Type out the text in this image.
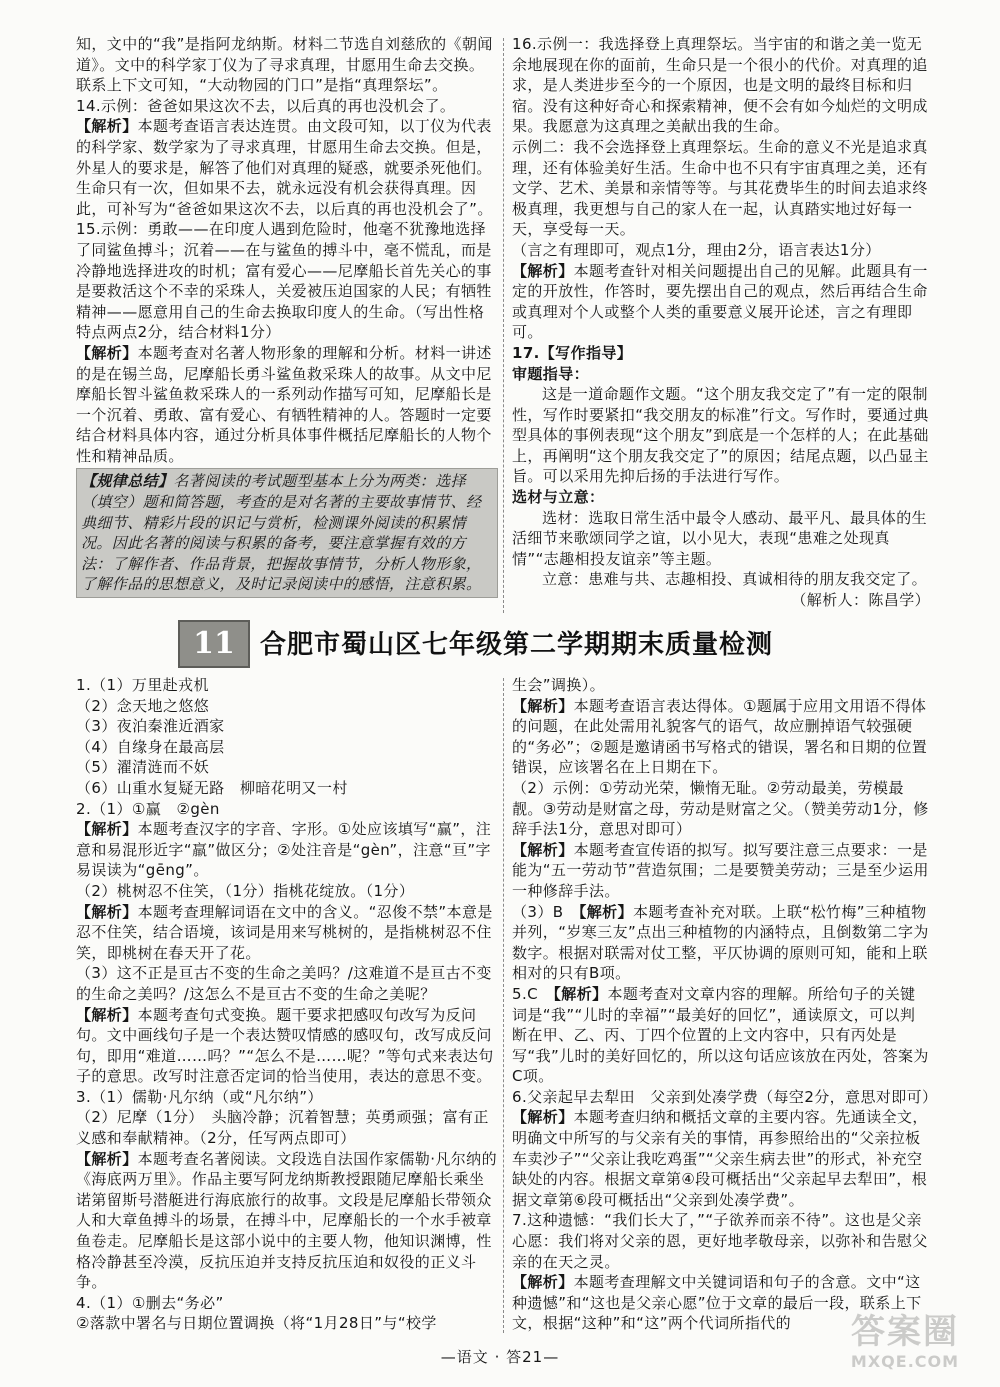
知，文中的“我”是指阿龙纳斯。材料二节选自刘慈欣的《朝闻道》。文中的科学家丁仪为了寻求真理，甘愿用生命去交换。联系上下文可知，“大动物园的门口”是指“真理祭坛”。

14.示例：爸爸如果这次不去，以后真的再也没机会了。

【解析】本题考查语言表达连贯。由文段可知，以丁仪为代表的科学家、数学家为了寻求真理，甘愿用生命去交换。但是，外星人的要求是，解答了他们对真理的疑惑，就要杀死他们。生命只有一次，但如果不去，就永远没有机会获得真理。因此，可补写为“爸爸如果这次不去，以后真的再也没机会了”。

15.示例：勇敢——在印度人遇到危险时，他毫不犹豫地选择了同鲨鱼搏斗；沉着——在与鲨鱼的搏斗中，毫不慌乱，而是冷静地选择进攻的时机；富有爱心——尼摩船长首先关心的事是要救活这个不幸的采珠人，关爱被压迫国家的人民；有牺牲精神——愿意用自己的生命去换取印度人的生命。（写出性格特点两点2分，结合材料1分）

【解析】本题考查对名著人物形象的理解和分析。材料一讲述的是在锡兰岛，尼摩船长勇斗鲨鱼救采珠人的故事。从文中尼摩船长智斗鲨鱼救采珠人的一系列动作描写可知，尼摩船长是一个沉着、勇敢、富有爱心、有牺牲精神的人。答题时一定要结合材料具体内容，通过分析具体事件概括尼摩船长的人物个性和精神品质。

【规律总结】名著阅读的考试题型基本上分为两类：选择（填空）题和简答题，考查的是对名著的主要故事情节、经典细节、精彩片段的识记与赏析，检测课外阅读的积累情况。因此名著的阅读与积累的备考，要注意掌握有效的方法：了解作者、作品背景，把握故事情节，分析人物形象，了解作品的思想意义，及时记录阅读中的感悟，注意积累。

16.示例一：我选择登上真理祭坛。当宇宙的和谐之美一览无余地展现在你的面前，生命只是一个很小的代价。对真理的追求，是人类进步至今的一个原因，也是文明的最终目标和归宿。没有这种好奇心和探索精神，便不会有如今灿烂的文明成果。我愿意为这真理之美献出我的生命。

示例二：我不会选择登上真理祭坛。生命的意义不光是追求真理，还有体验美好生活。生命中也不只有宇宙真理之美，还有文学、艺术、美景和亲情等等。与其花费毕生的时间去追求终极真理，我更想与自己的家人在一起，认真踏实地过好每一天，享受每一天。

（言之有理即可，观点1分，理由2分，语言表达1分）

【解析】本题考查针对相关问题提出自己的见解。此题具有一定的开放性，作答时，要先摆出自己的观点，然后再结合生命或真理对个人或整个人类的重要意义展开论述，言之有理即可。

17.【写作指导】

审题指导：

这是一道命题作文题。“这个朋友我交定了”有一定的限制性，写作时要紧扣“我交朋友的标准”行文。写作时，要通过典型具体的事例表现“这个朋友”到底是一个怎样的人；在此基础上，再阐明“这个朋友我交定了”的原因；结尾点题，以凸显主旨。可以采用先抑后扬的手法进行写作。

选材与立意：

选材：选取日常生活中最令人感动、最平凡、最具体的生活细节来歌颂同学之谊，以小见大，表现“患难之处现真情”“志趣相投友谊亲”等主题。

立意：患难与共、志趣相投、真诚相待的朋友我交定了。

（解析人：陈昌学）

11 合肥市蜀山区七年级第二学期期末质量检测

1.（1）万里赴戎机

（2）念天地之悠悠

（3）夜泊秦淮近酒家

（4）自缘身在最高层

（5）濯清涟而不妖

（6）山重水复疑无路　柳暗花明又一村

2.（1）①赢　②gèn

【解析】本题考查汉字的字音、字形。①处应该填写“赢”，注意和易混形近字“羸”做区分；②处注音是“gèn”，注意“亘”字易误读为“gēng”。

（2）桃树忍不住笑，（1分）指桃花绽放。（1分）

【解析】本题考查理解词语在文中的含义。“忍俊不禁”本意是忍不住笑，结合语境，该词是用来写桃树的，是指桃树忍不住笑，即桃树在春天开了花。

（3）这不正是亘古不变的生命之美吗？/这难道不是亘古不变的生命之美吗？/这怎么不是亘古不变的生命之美呢？

【解析】本题考查句式变换。题干要求把感叹句改写为反问句。文中画线句子是一个表达赞叹情感的感叹句，改写成反问句，即用“难道……吗？”“怎么不是……呢？”等句式来表达句子的意思。改写时注意否定词的恰当使用，表达的意思不变。

3.（1）儒勒·凡尔纳（或“凡尔纳”）

（2）尼摩（1分）　头脑冷静；沉着智慧；英勇顽强；富有正义感和奉献精神。（2分，任写两点即可）

【解析】本题考查名著阅读。文段选自法国作家儒勒·凡尔纳的《海底两万里》。作品主要写阿龙纳斯教授跟随尼摩船长乘坐诺第留斯号潜艇进行海底旅行的故事。文段是尼摩船长带领众人和大章鱼搏斗的场景，在搏斗中，尼摩船长的一个水手被章鱼卷走。尼摩船长是这部小说中的主要人物，他知识渊博，性格冷静甚至冷漠，反抗压迫并支持反抗压迫和奴役的正义斗争。

4.（1）①删去“务必”

②落款中署名与日期位置调换（将“1月28日”与“校学

生会”调换）。

【解析】本题考查语言表达得体。①题属于应用文用语不得体的问题，在此处需用礼貌客气的语气，故应删掉语气较强硬的“务必”；②题是邀请函书写格式的错误，署名和日期的位置错误，应该署名在上日期在下。

（2）示例：①劳动光荣，懒惰无耻。②劳动最美，劳模最靓。③劳动是财富之母，劳动是财富之父。（赞美劳动1分，修辞手法1分，意思对即可）

【解析】本题考查宣传语的拟写。拟写要注意三点要求：一是能为“五一劳动节”营造氛围；二是要赞美劳动；三是至少运用一种修辞手法。

（3）B　 【解析】本题考查补充对联。上联“松竹梅”三种植物并列，“岁寒三友”点出三种植物的内涵特点，且倒数第二字为数字。根据对联需对仗工整，平仄协调的原则可知，能和上联相对的只有B项。

5.C　 【解析】本题考查对文章内容的理解。所给句子的关键词是“我”“儿时的幸福”“最美好的回忆”，通读原文，可以判断在甲、乙、丙、丁四个位置的上文内容中，只有丙处是写“我”儿时的美好回忆的，所以这句话应该放在丙处，答案为C项。

6.父亲起早去犁田　父亲到处凑学费（每空2分，意思对即可）

【解析】本题考查归纳和概括文章的主要内容。先通读全文，明确文中所写的与父亲有关的事情，再参照给出的“父亲拉板车卖沙子”“父亲让我吃鸡蛋”“父亲生病去世”的形式，补充空缺处的内容。根据文章第④段可概括出“父亲起早去犁田”，根据文章第⑥段可概括出“父亲到处凑学费”。

7.这种遗憾：“我们长大了，”“子欲养而亲不待”。这也是父亲心愿：我们将对父亲的恩，更好地孝敬母亲，以弥补和告慰父亲的在天之灵。

【解析】本题考查理解文中关键词语和句子的含意。文中“这种遗憾”和“这也是父亲心愿”位于文章的最后一段，联系上下文，根据“这种”和“这”两个代词所指代的

—语文 · 答21—
答案圈
MXQE.COM
